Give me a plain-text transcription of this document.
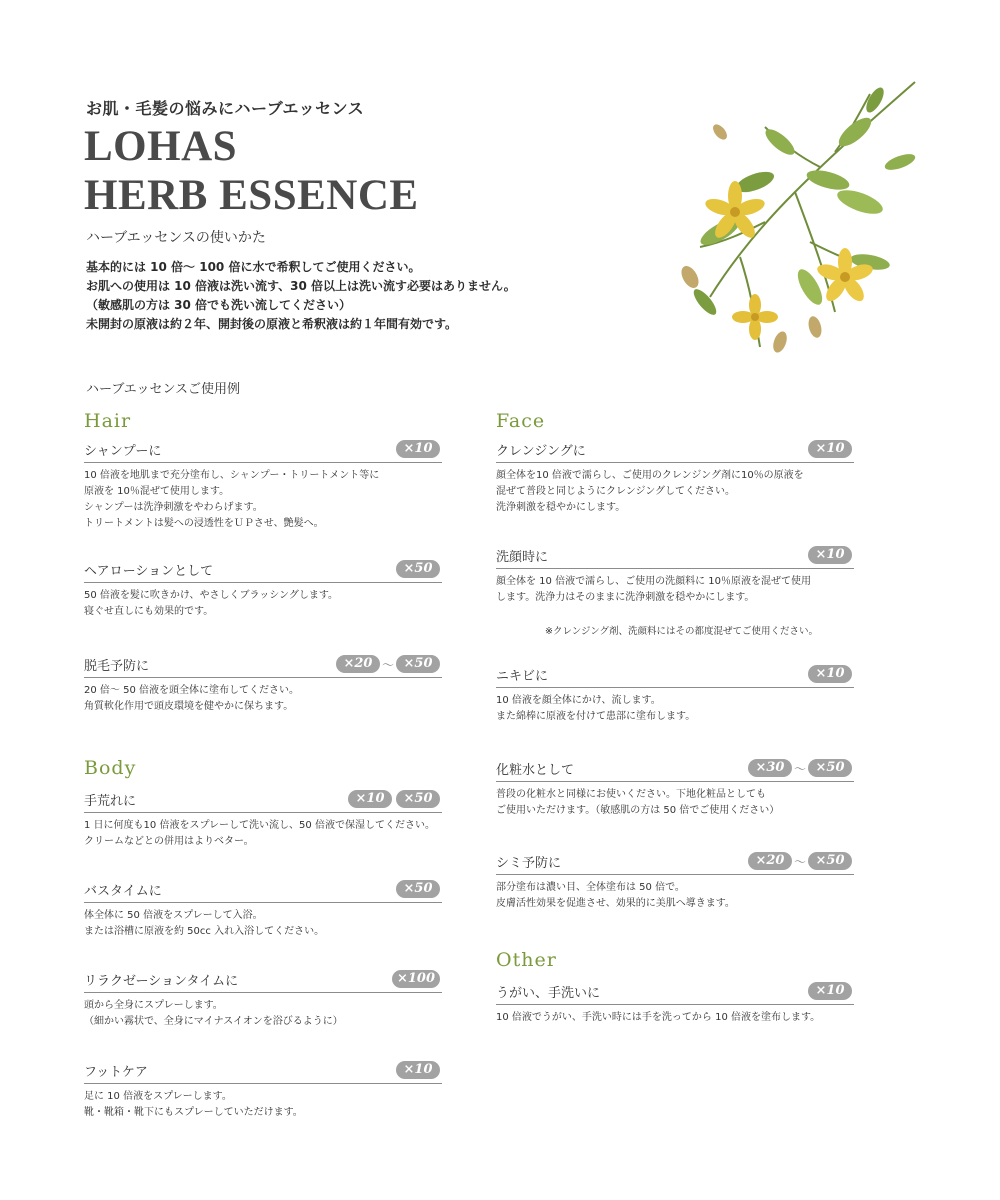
お肌・毛髪の悩みにハーブエッセンス
LOHAS
HERB ESSENCE
ハーブエッセンスの使いかた
基本的には 10 倍〜 100 倍に水で希釈してご使用ください。
お肌への使用は 10 倍液は洗い流す、30 倍以上は洗い流す必要はありません。
（敏感肌の方は 30 倍でも洗い流してください）
未開封の原液は約２年、開封後の原液と希釈液は約１年間有効です。
ハーブエッセンスご使用例
Hair
シャンプーに	×10
10 倍液を地肌まで充分塗布し、シャンプー・トリートメント等に
原液を 10％混ぜて使用します。
シャンプーは洗浄刺激をやわらげます。
トリートメントは髪への浸透性をＵＰさせ、艶髪へ。
ヘアローションとして	×50
50 倍液を髪に吹きかけ、やさしくブラッシングします。
寝ぐせ直しにも効果的です。
脱毛予防に	×20 〜 ×50
20 倍〜 50 倍液を頭全体に塗布してください。
角質軟化作用で頭皮環境を健やかに保ちます。
Body
手荒れに	×10	×50
1 日に何度も10 倍液をスプレーして洗い流し、50 倍液で保湿してください。
クリームなどとの併用はよりベター。
バスタイムに	×50
体全体に 50 倍液をスプレーして入浴。
または浴槽に原液を約 50cc 入れ入浴してください。
リラクゼーションタイムに	×100
頭から全身にスプレーします。
（細かい霧状で、全身にマイナスイオンを浴びるように）
フットケア	×10
足に 10 倍液をスプレーします。
靴・靴箱・靴下にもスプレーしていただけます。
Face
クレンジングに	×10
顔全体を10 倍液で濡らし、ご使用のクレンジング剤に10％の原液を
混ぜて普段と同じようにクレンジングしてください。
洗浄刺激を穏やかにします。
洗顔時に	×10
顔全体を 10 倍液で濡らし、ご使用の洗顔料に 10％原液を混ぜて使用
します。洗浄力はそのままに洗浄刺激を穏やかにします。
※クレンジング剤、洗顔料にはその都度混ぜてご使用ください。
ニキビに	×10
10 倍液を顔全体にかけ、流します。
また綿棒に原液を付けて患部に塗布します。
化粧水として	×30 〜 ×50
普段の化粧水と同様にお使いください。下地化粧品としても
ご使用いただけます。（敏感肌の方は 50 倍でご使用ください）
シミ予防に	×20 〜 ×50
部分塗布は濃い目、全体塗布は 50 倍で。
皮膚活性効果を促進させ、効果的に美肌へ導きます。
Other
うがい、手洗いに	×10
10 倍液でうがい、手洗い時には手を洗ってから 10 倍液を塗布します。
